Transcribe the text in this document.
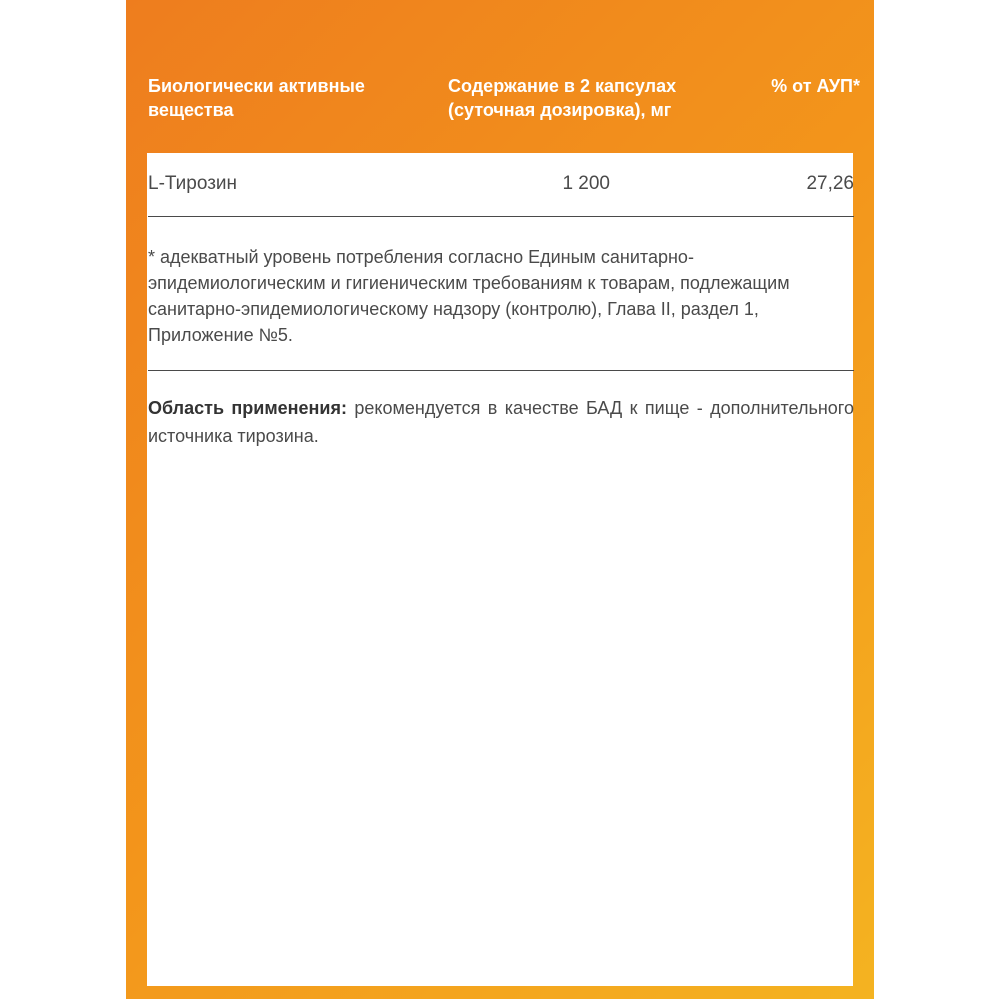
Биологически активные вещества
Содержание в 2 капсулах (суточная дозировка), мг
% от АУП*
L-Тирозин	1 200	27,26
* адекватный уровень потребления согласно Единым санитарно-эпидемиологическим и гигиеническим требованиям к товарам, подлежащим санитарно-эпидемиологическому надзору (контролю), Глава II, раздел 1, Приложение №5.
Область применения: рекомендуется в качестве БАД к пище - дополнительного источника тирозина.
